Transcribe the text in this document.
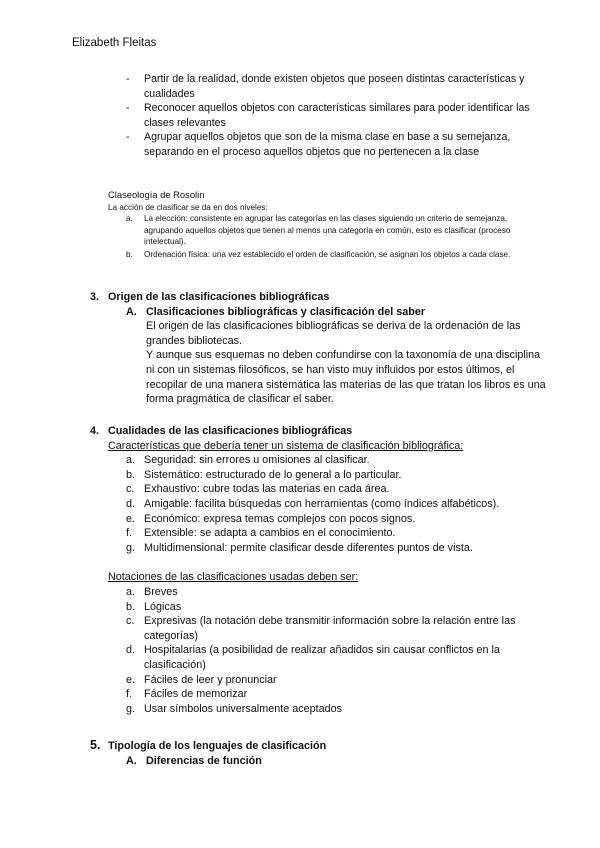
Elizabeth Fleitas
- Partir de la realidad, donde existen objetos que poseen distintas características y cualidades
- Reconocer aquellos objetos con características similares para poder identificar las clases relevantes
- Agrupar aquellos objetos que son de la misma clase en base a su semejanza, separando en el proceso aquellos objetos que no pertenecen a la clase
Claseología de Rosolin
La acción de clasificar se da en dos niveles:
a. La elección: consistente en agrupar las categorías en las clases siguiendo un criterio de semejanza, agrupando aquellos objetos que tienen al menos una categoría en común, esto es clasificar (proceso intelectual).
b. Ordenación física: una vez establecido el orden de clasificación, se asignan los objetos a cada clase.
3. Origen de las clasificaciones bibliográficas
A. Clasificaciones bibliográficas y clasificación del saber
El origen de las clasificaciones bibliográficas se deriva de la ordenación de las grandes bibliotecas.
Y aunque sus esquemas no deben confundirse con la taxonomía de una disciplina ni con un sistemas filosóficos, se han visto muy influidos por estos últimos, el recopilar de una manera sistemática las materias de las que tratan los libros es una forma pragmática de clasificar el saber.
4. Cualidades de las clasificaciones bibliográficas
Características que debería tener un sistema de clasificación bibliográfica:
a. Seguridad: sin errores u omisiones al clasificar.
b. Sistemático: estructurado de lo general a lo particular.
c. Exhaustivo: cubre todas las materias en cada área.
d. Amigable: facilita búsquedas con herramientas (como índices alfabéticos).
e. Económico: expresa temas complejos con pocos signos.
f. Extensible: se adapta a cambios en el conocimiento.
g. Multidimensional: permite clasificar desde diferentes puntos de vista.
Notaciones de las clasificaciones usadas deben ser:
a. Breves
b. Lógicas
c. Expresivas (la notación debe transmitir información sobre la relación entre las categorías)
d. Hospitalarias (a posibilidad de realizar añadidos sin causar conflictos en la clasificación)
e. Fáciles de leer y pronunciar
f. Fáciles de memorizar
g. Usar símbolos universalmente aceptados
5. Tipología de los lenguajes de clasificación
A. Diferencias de función
